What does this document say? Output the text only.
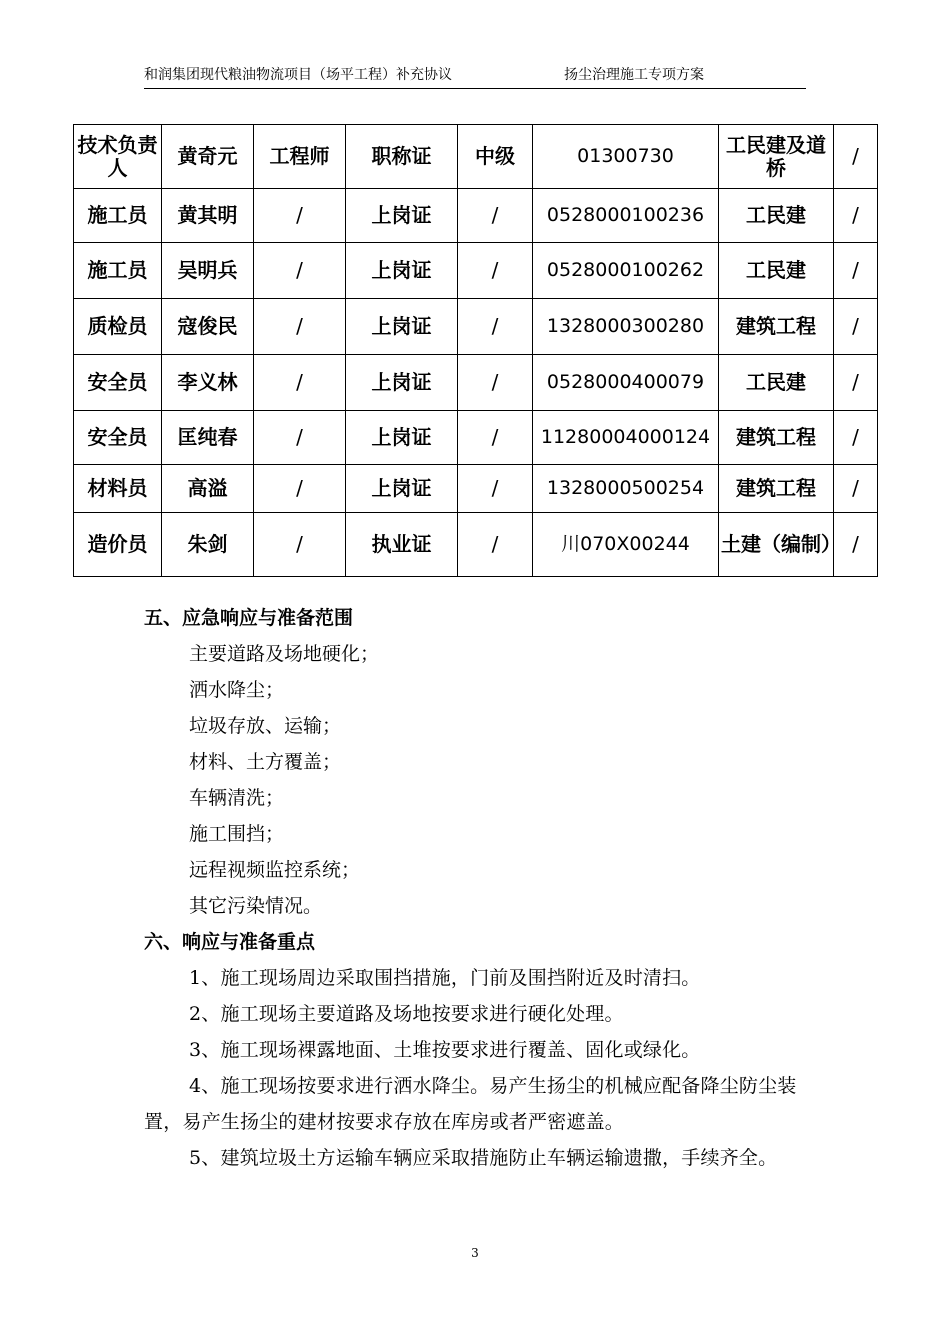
和润集团现代粮油物流项目（场平工程）补充协议	扬尘治理施工专项方案
技术负责人	黄奇元	工程师	职称证	中级	01300730	工民建及道桥	/
施工员	黄其明	/	上岗证	/	0528000100236	工民建	/
施工员	吴明兵	/	上岗证	/	0528000100262	工民建	/
质检员	寇俊民	/	上岗证	/	1328000300280	建筑工程	/
安全员	李义林	/	上岗证	/	0528000400079	工民建	/
安全员	匡纯春	/	上岗证	/	11280004000124	建筑工程	/
材料员	高溢	/	上岗证	/	1328000500254	建筑工程	/
造价员	朱剑	/	执业证	/	川070X00244	土建（编制）	/
五、应急响应与准备范围
主要道路及场地硬化；
洒水降尘；
垃圾存放、运输；
材料、土方覆盖；
车辆清洗；
施工围挡；
远程视频监控系统；
其它污染情况。
六、响应与准备重点
1、施工现场周边采取围挡措施，门前及围挡附近及时清扫。
2、施工现场主要道路及场地按要求进行硬化处理。
3、施工现场裸露地面、土堆按要求进行覆盖、固化或绿化。
4、施工现场按要求进行洒水降尘。易产生扬尘的机械应配备降尘防尘装置，易产生扬尘的建材按要求存放在库房或者严密遮盖。
5、建筑垃圾土方运输车辆应采取措施防止车辆运输遗撒，手续齐全。
3
